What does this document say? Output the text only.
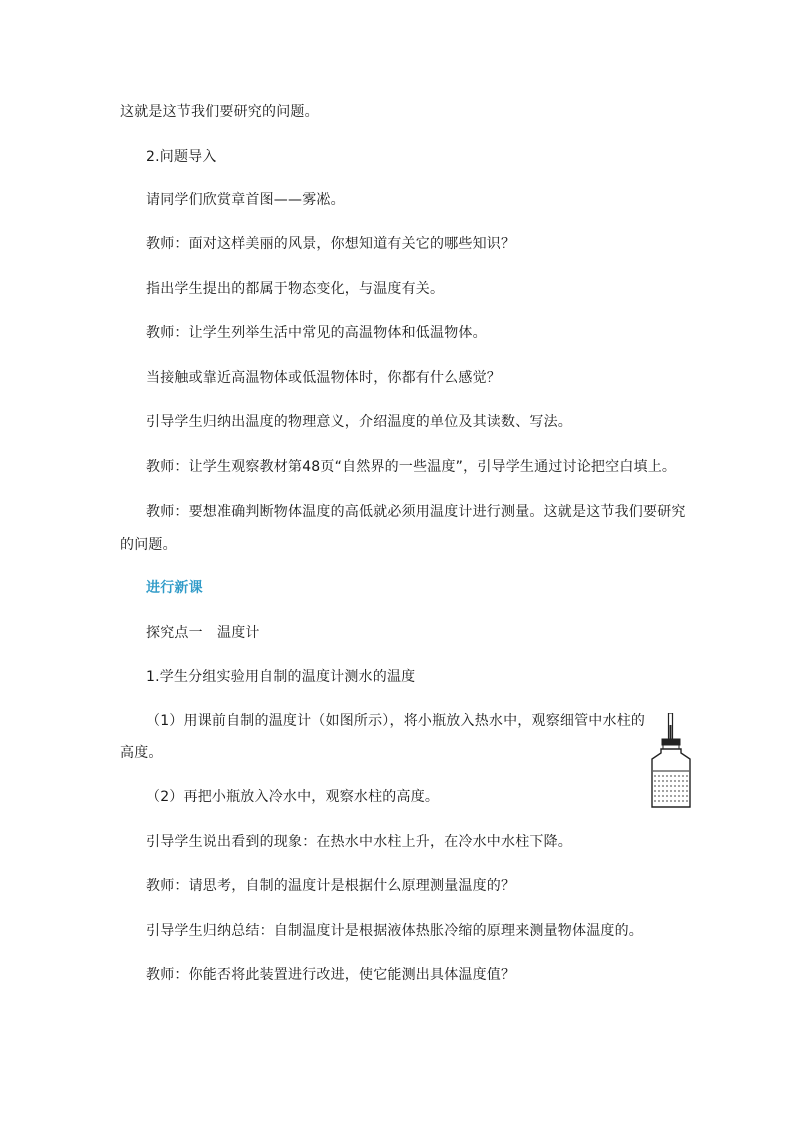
这就是这节我们要研究的问题。
2.问题导入
请同学们欣赏章首图——雾凇。
教师：面对这样美丽的风景，你想知道有关它的哪些知识？
指出学生提出的都属于物态变化，与温度有关。
教师：让学生列举生活中常见的高温物体和低温物体。
当接触或靠近高温物体或低温物体时，你都有什么感觉？
引导学生归纳出温度的物理意义，介绍温度的单位及其读数、写法。
教师：让学生观察教材第48页“自然界的一些温度”，引导学生通过讨论把空白填上。
教师：要想准确判断物体温度的高低就必须用温度计进行测量。这就是这节我们要研究
的问题。
进行新课
探究点一　温度计
1.学生分组实验用自制的温度计测水的温度
（1）用课前自制的温度计（如图所示），将小瓶放入热水中，观察细管中水柱的
高度。
（2）再把小瓶放入冷水中，观察水柱的高度。
引导学生说出看到的现象：在热水中水柱上升，在冷水中水柱下降。
教师：请思考，自制的温度计是根据什么原理测量温度的？
引导学生归纳总结：自制温度计是根据液体热胀冷缩的原理来测量物体温度的。
教师：你能否将此装置进行改进，使它能测出具体温度值？
